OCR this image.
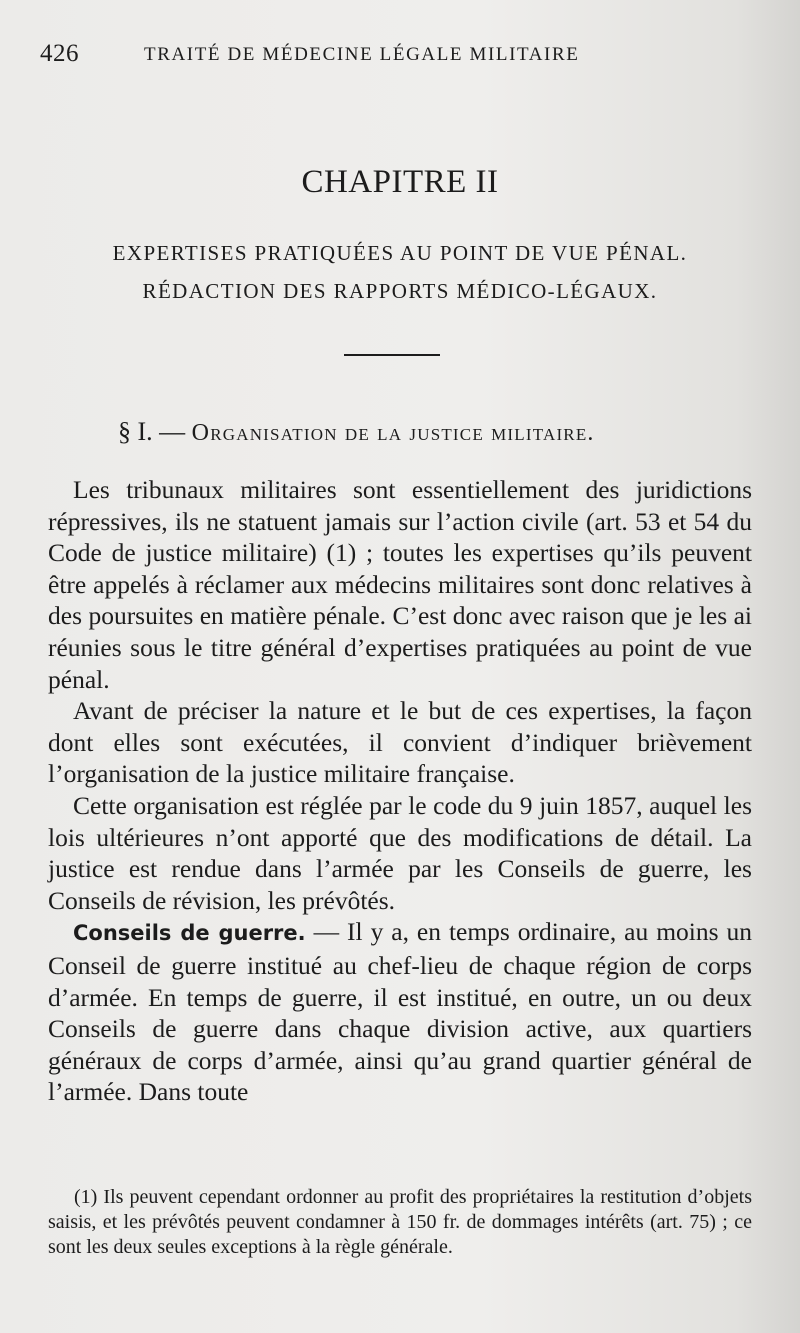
426	TRAITÉ DE MÉDECINE LÉGALE MILITAIRE
CHAPITRE II
EXPERTISES PRATIQUÉES AU POINT DE VUE PÉNAL.
RÉDACTION DES RAPPORTS MÉDICO-LÉGAUX.
§ I. — Organisation de la justice militaire.

Les tribunaux militaires sont essentiellement des juridictions répressives, ils ne statuent jamais sur l’action civile (art. 53 et 54 du Code de justice militaire) (1) ; toutes les expertises qu’ils peuvent être appelés à réclamer aux médecins militaires sont donc relatives à des poursuites en matière pénale. C’est donc avec raison que je les ai réunies sous le titre général d’expertises pratiquées au point de vue pénal.

Avant de préciser la nature et le but de ces expertises, la façon dont elles sont exécutées, il convient d’indiquer brièvement l’organisation de la justice militaire française.

Cette organisation est réglée par le code du 9 juin 1857, auquel les lois ultérieures n’ont apporté que des modifications de détail. La justice est rendue dans l’armée par les Conseils de guerre, les Conseils de révision, les prévôtés.

Conseils de guerre. — Il y a, en temps ordinaire, au moins un Conseil de guerre institué au chef-lieu de chaque région de corps d’armée. En temps de guerre, il est institué, en outre, un ou deux Conseils de guerre dans chaque division active, aux quartiers généraux de corps d’armée, ainsi qu’au grand quartier général de l’armée. Dans toute

(1) Ils peuvent cependant ordonner au profit des propriétaires la restitution d’objets saisis, et les prévôtés peuvent condamner à 150 fr. de dommages intérêts (art. 75) ; ce sont les deux seules exceptions à la règle générale.
